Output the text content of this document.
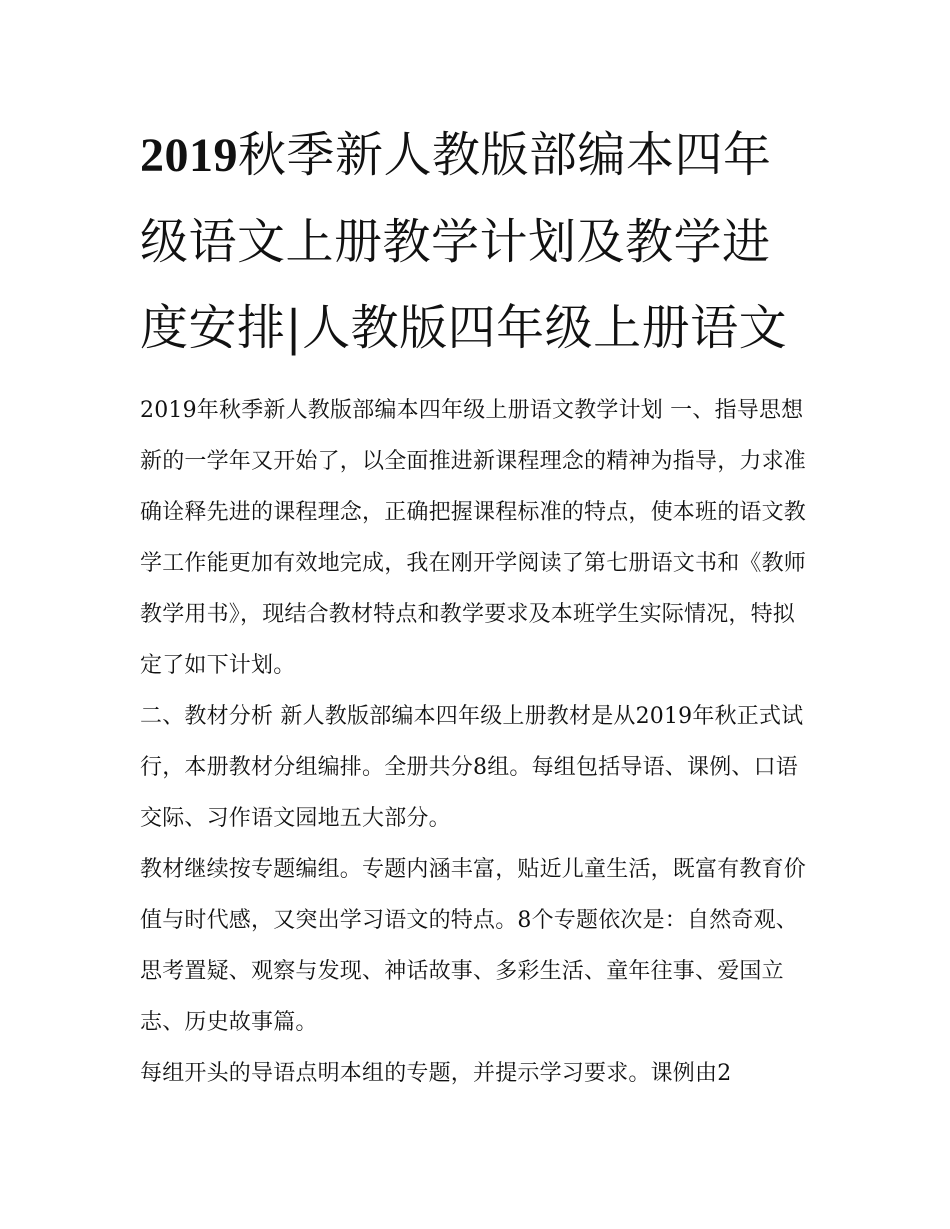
2019秋季新人教版部编本四年级语文上册教学计划及教学进度安排|人教版四年级上册语文

2019年秋季新人教版部编本四年级上册语文教学计划 一、指导思想

新的一学年又开始了，以全面推进新课程理念的精神为指导，力求准确诠释先进的课程理念，正确把握课程标准的特点，使本班的语文教学工作能更加有效地完成，我在刚开学阅读了第七册语文书和《教师教学用书》，现结合教材特点和教学要求及本班学生实际情况，特拟定了如下计划。

二、教材分析 新人教版部编本四年级上册教材是从2019年秋正式试行，本册教材分组编排。全册共分8组。每组包括导语、课例、口语交际、习作语文园地五大部分。

教材继续按专题编组。专题内涵丰富，贴近儿童生活，既富有教育价值与时代感，又突出学习语文的特点。8个专题依次是：自然奇观、思考置疑、观察与发现、神话故事、多彩生活、童年往事、爱国立志、历史故事篇。

每组开头的导语点明本组的专题，并提示学习要求。课例由2
